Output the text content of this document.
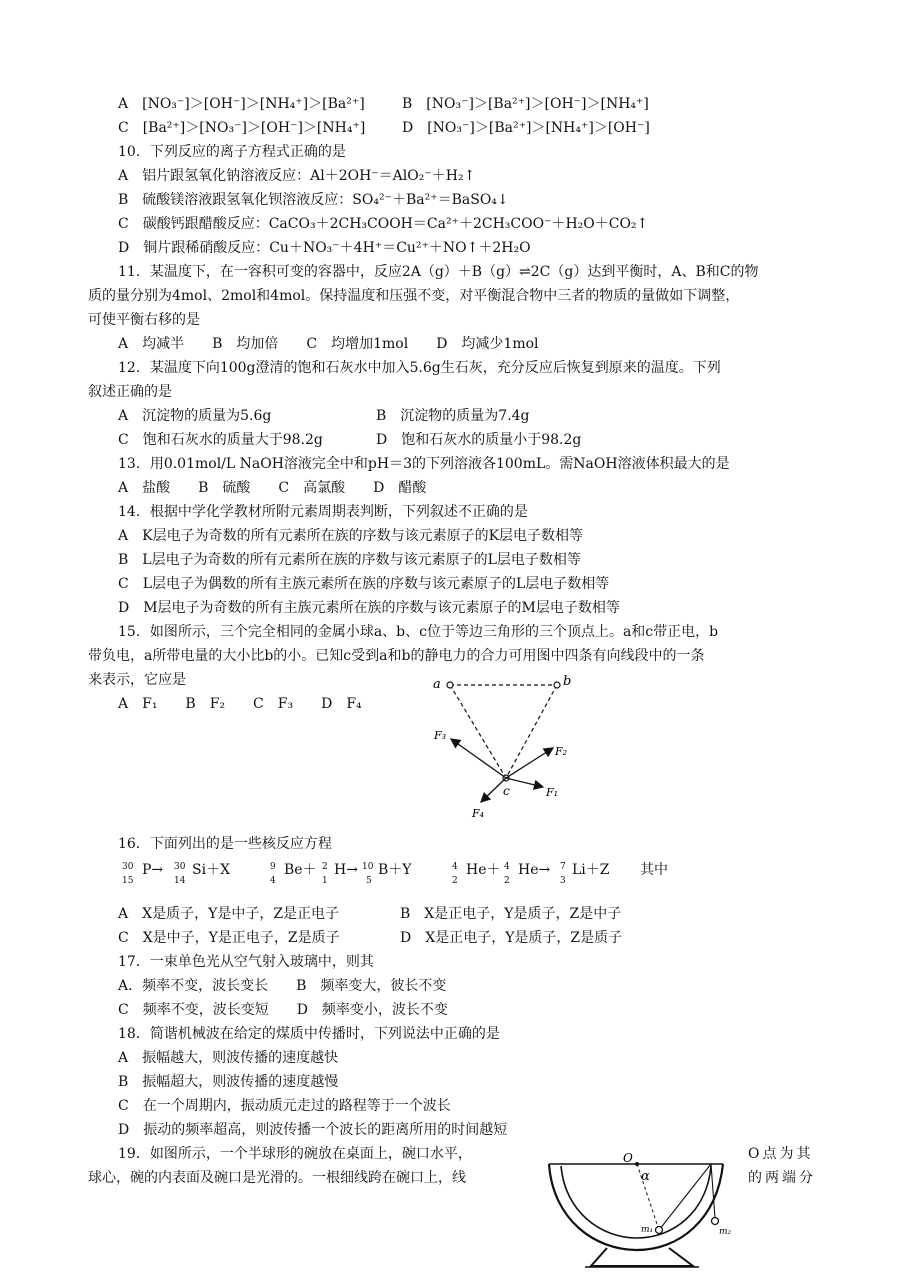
A　[NO₃⁻]＞[OH⁻]＞[NH₄⁺]＞[Ba²⁺]	B　[NO₃⁻]＞[Ba²⁺]＞[OH⁻]＞[NH₄⁺]
C　[Ba²⁺]＞[NO₃⁻]＞[OH⁻]＞[NH₄⁺]	D　[NO₃⁻]＞[Ba²⁺]＞[NH₄⁺]＞[OH⁻]
10．下列反应的离子方程式正确的是
A　铝片跟氢氧化钠溶液反应：Al＋2OH⁻＝AlO₂⁻＋H₂↑
B　硫酸镁溶液跟氢氧化钡溶液反应：SO₄²⁻＋Ba²⁺＝BaSO₄↓
C　碳酸钙跟醋酸反应：CaCO₃＋2CH₃COOH＝Ca²⁺＋2CH₃COO⁻＋H₂O＋CO₂↑
D　铜片跟稀硝酸反应：Cu＋NO₃⁻＋4H⁺＝Cu²⁺＋NO↑＋2H₂O
11．某温度下，在一容积可变的容器中，反应2A（g）＋B（g）⇌2C（g）达到平衡时，A、B和C的物
质的量分别为4mol、2mol和4mol。保持温度和压强不变，对平衡混合物中三者的物质的量做如下调整，
可使平衡右移的是
A　均减半　　B　均加倍　　C　均增加1mol　　D　均减少1mol
12．某温度下向100g澄清的饱和石灰水中加入5.6g生石灰，充分反应后恢复到原来的温度。下列
叙述正确的是
A　沉淀物的质量为5.6g	B　沉淀物的质量为7.4g
C　饱和石灰水的质量大于98.2g	D　饱和石灰水的质量小于98.2g
13．用0.01mol/L NaOH溶液完全中和pH＝3的下列溶液各100mL。需NaOH溶液体积最大的是
A　盐酸　　B　硫酸　　C　高氯酸　　D　醋酸
14．根据中学化学教材所附元素周期表判断，下列叙述不正确的是
A　K层电子为奇数的所有元素所在族的序数与该元素原子的K层电子数相等
B　L层电子为奇数的所有元素所在族的序数与该元素原子的L层电子数相等
C　L层电子为偶数的所有主族元素所在族的序数与该元素原子的L层电子数相等
D　M层电子为奇数的所有主族元素所在族的序数与该元素原子的M层电子数相等
15．如图所示，三个完全相同的金属小球a、b、c位于等边三角形的三个顶点上。a和c带正电，b
带负电，a所带电量的大小比b的小。已知c受到a和b的静电力的合力可用图中四条有向线段中的一条
来表示，它应是
A　F₁　　B　F₂　　C　F₃　　D　F₄
a	b
c
F₃
F₂
F₁
F₄
16．下面列出的是一些核反应方程
30
15
P→ 30
14
Si＋X	9
4
Be＋ 2
1
H→ 10
5
B＋Y	4
2
He＋ 4
2
He→ 7
3
Li＋Z 其中
A　X是质子，Y是中子，Z是正电子	B　X是正电子，Y是质子，Z是中子
C　X是中子，Y是正电子，Z是质子	D　X是正电子，Y是质子，Z是质子
17．一束单色光从空气射入玻璃中，则其
A．频率不变，波长变长　　B　频率变大，彼长不变
C　频率不变，波长变短　　D　频率变小，波长不变
18．简谐机械波在给定的煤质中传播时，下列说法中正确的是
A　振幅越大，则波传播的速度越快
B　振幅超大，则波传播的速度越慢
C　在一个周期内，振动质元走过的路程等于一个波长
D　振动的频率超高，则波传播一个波长的距离所用的时间越短
19．如图所示，一个半球形的碗放在桌面上，碗口水平，	O点为其
球心，碗的内表面及碗口是光滑的。一根细线跨在碗口上，线	的两端分
O
α
m₁	m₂
